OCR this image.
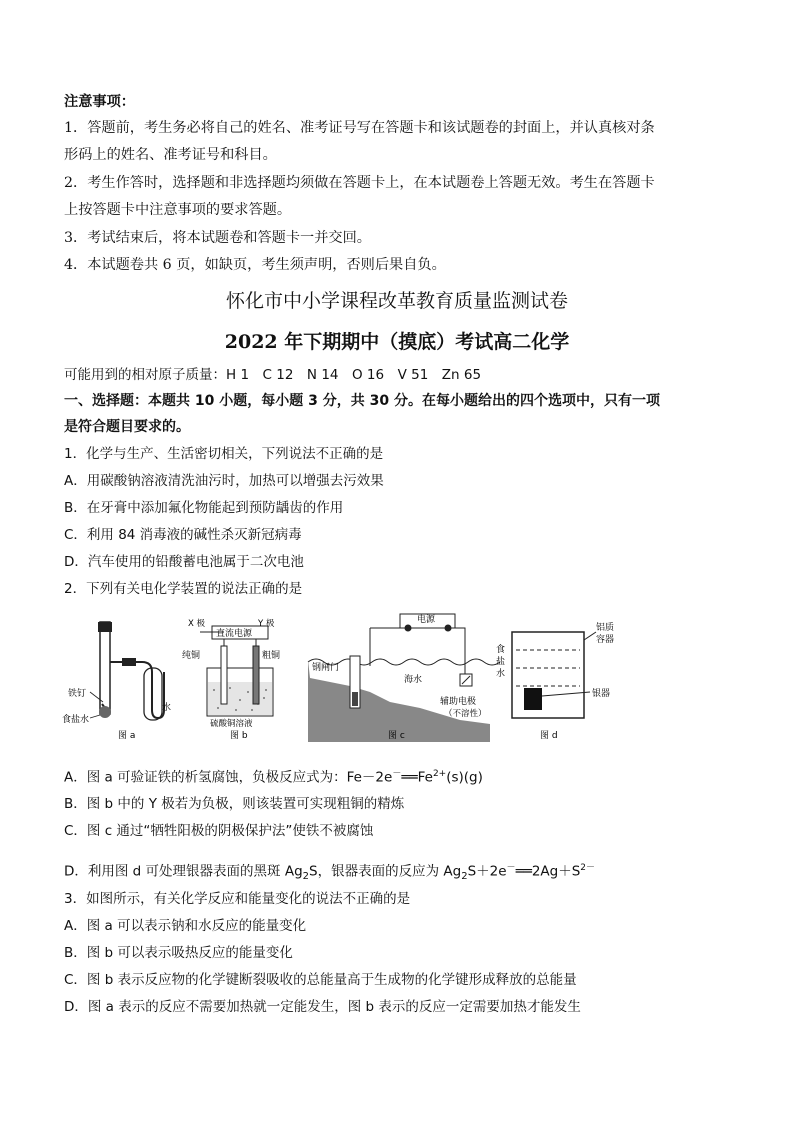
注意事项：
1．答题前，考生务必将自己的姓名、准考证号写在答题卡和该试题卷的封面上，并认真核对条
形码上的姓名、准考证号和科目。
2．考生作答时，选择题和非选择题均须做在答题卡上，在本试题卷上答题无效。考生在答题卡
上按答题卡中注意事项的要求答题。
3．考试结束后，将本试题卷和答题卡一并交回。
4．本试题卷共 6 页，如缺页，考生须声明，否则后果自负。
怀化市中小学课程改革教育质量监测试卷
2022 年下期期中（摸底）考试高二化学
可能用到的相对原子质量：H 1　C 12　N 14　O 16　V 51　Zn 65
一、选择题：本题共 10 小题，每小题 3 分，共 30 分。在每小题给出的四个选项中，只有一项
是符合题目要求的。
1．化学与生产、生活密切相关，下列说法不正确的是
A．用碳酸钠溶液清洗油污时，加热可以增强去污效果
B．在牙膏中添加氟化物能起到预防龋齿的作用
C．利用 84 消毒液的碱性杀灭新冠病毒
D．汽车使用的铅酸蓄电池属于二次电池
2．下列有关电化学装置的说法正确的是
铁钉
食盐水
水
图 a
直流电源
X 极	Y 极
纯铜	粗铜
硫酸铜溶液
图 b
电源
钢闸门
海水
辅助电极
（不溶性）
图 c
铝质
容器
食
盐
水
银器
图 d
A．图 a 可验证铁的析氢腐蚀，负极反应式为：$Fe-2e^-══Fe^{2+}(s)(g)$
B．图 b 中的 Y 极若为负极，则该装置可实现粗铜的精炼
C．图 c 通过“牺牲阳极的阴极保护法”使铁不被腐蚀
D．利用图 d 可处理银器表面的黑斑 $Ag_2S$，银器表面的反应为 $Ag_2S+2e^-══2Ag+S^{2-}$
3．如图所示，有关化学反应和能量变化的说法不正确的是
A．图 a 可以表示钠和水反应的能量变化
B．图 b 可以表示吸热反应的能量变化
C．图 b 表示反应物的化学键断裂吸收的总能量高于生成物的化学键形成释放的总能量
D．图 a 表示的反应不需要加热就一定能发生，图 b 表示的反应一定需要加热才能发生
